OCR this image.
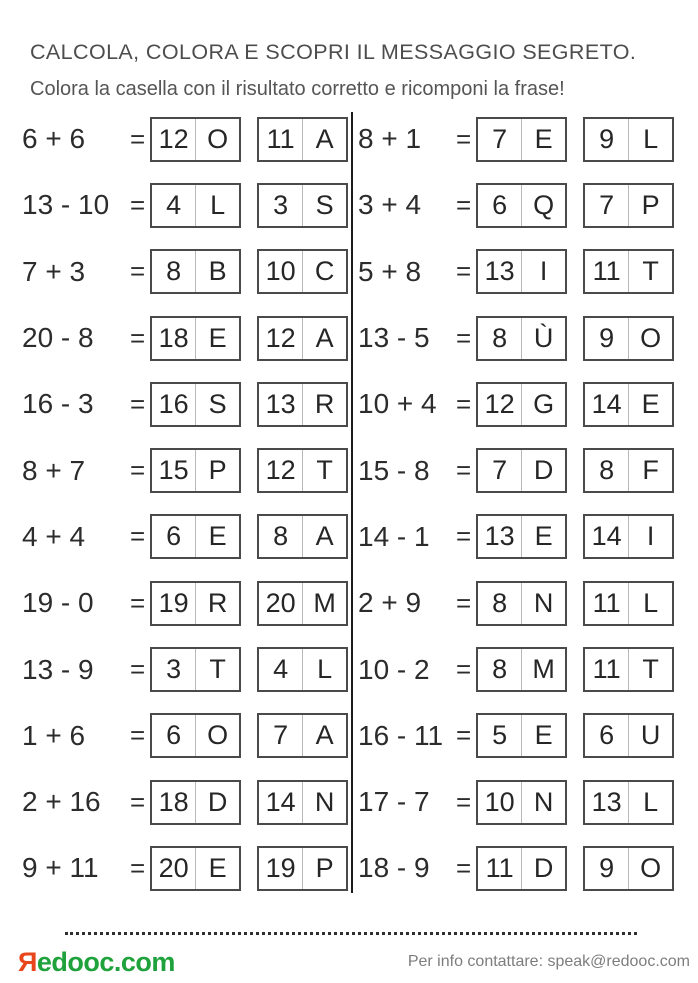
CALCOLA, COLORA E SCOPRI IL MESSAGGIO SEGRETO.
Colora la casella con il risultato corretto e ricomponi la frase!
6 + 6	= 12 O	11 A
13 - 10 = 4	L	3	S
7 + 3	= 8	B	10 C
20 - 8	= 18 E	12 A
16 - 3	= 16 S	13 R
8 + 7	= 15 P	12 T
4 + 4	= 6	E	8	A
19 - 0	= 19 R	20 M
13 - 9	= 3	T	4	L
1 + 6	= 6 O	7	A
2 + 16	= 18 D	14 N
9 + 11	= 20 E	19 P
8 + 1	= 7	E	9	L
3 + 4	= 6 Q	7	P
5 + 8	= 13 I	11 T
13 - 5	= 8 Ù	9 O
10 + 4 = 12 G	14 E
15 - 8	= 7 D	8	F
14 - 1	= 13 E	14 I
2 + 9	= 8 N	11 L
10 - 2	= 8 M	11 T
16 - 11 = 5	E	6 U
17 - 7	= 10 N	13 L
18 - 9	= 11 D	9 O
Яedooc.com	Per info contattare: speak@redooc.com
